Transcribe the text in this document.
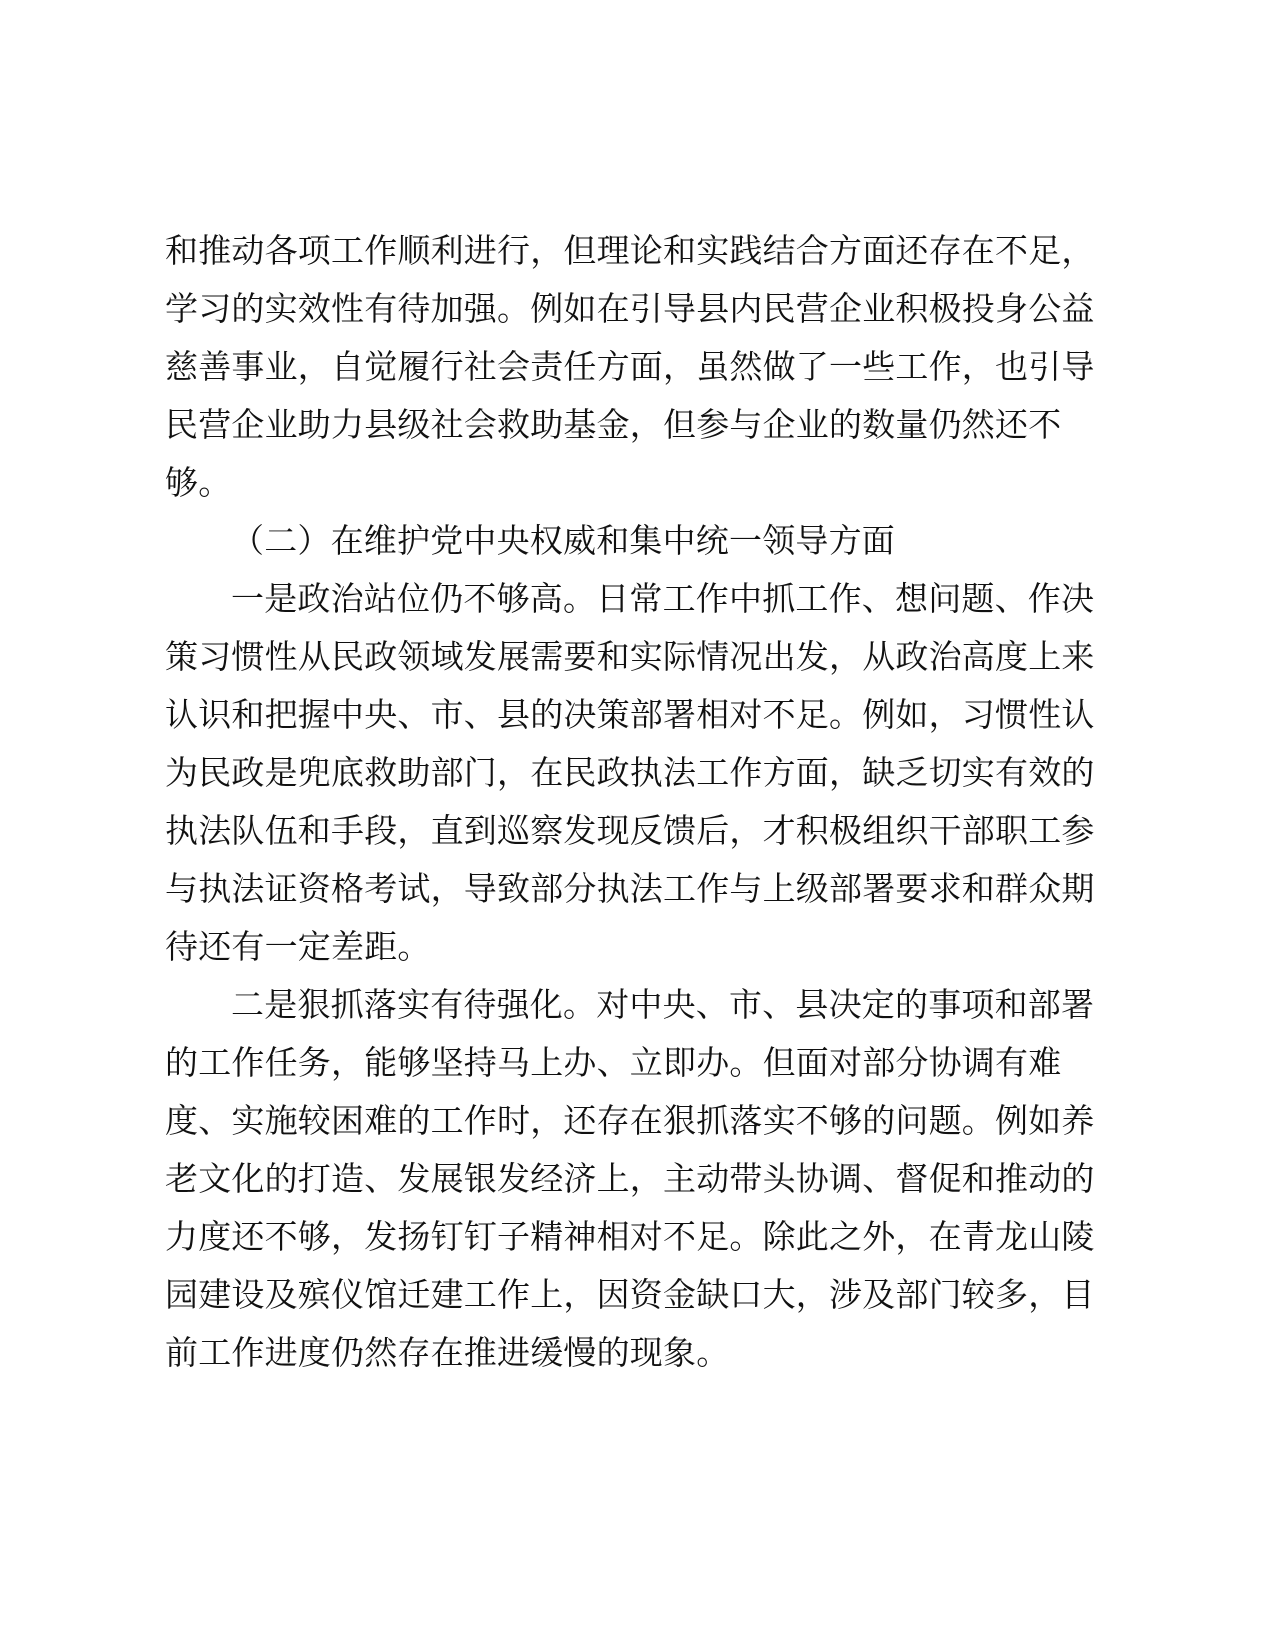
和推动各项工作顺利进行，但理论和实践结合方面还存在不足，
学习的实效性有待加强。例如在引导县内民营企业积极投身公益
慈善事业，自觉履行社会责任方面，虽然做了一些工作，也引导
民营企业助力县级社会救助基金，但参与企业的数量仍然还不
够。
（二）在维护党中央权威和集中统一领导方面
一是政治站位仍不够高。日常工作中抓工作、想问题、作决
策习惯性从民政领域发展需要和实际情况出发，从政治高度上来
认识和把握中央、市、县的决策部署相对不足。例如，习惯性认
为民政是兜底救助部门，在民政执法工作方面，缺乏切实有效的
执法队伍和手段，直到巡察发现反馈后，才积极组织干部职工参
与执法证资格考试，导致部分执法工作与上级部署要求和群众期
待还有一定差距。
二是狠抓落实有待强化。对中央、市、县决定的事项和部署
的工作任务，能够坚持马上办、立即办。但面对部分协调有难
度、实施较困难的工作时，还存在狠抓落实不够的问题。例如养
老文化的打造、发展银发经济上，主动带头协调、督促和推动的
力度还不够，发扬钉钉子精神相对不足。除此之外，在青龙山陵
园建设及殡仪馆迁建工作上，因资金缺口大，涉及部门较多，目
前工作进度仍然存在推进缓慢的现象。
